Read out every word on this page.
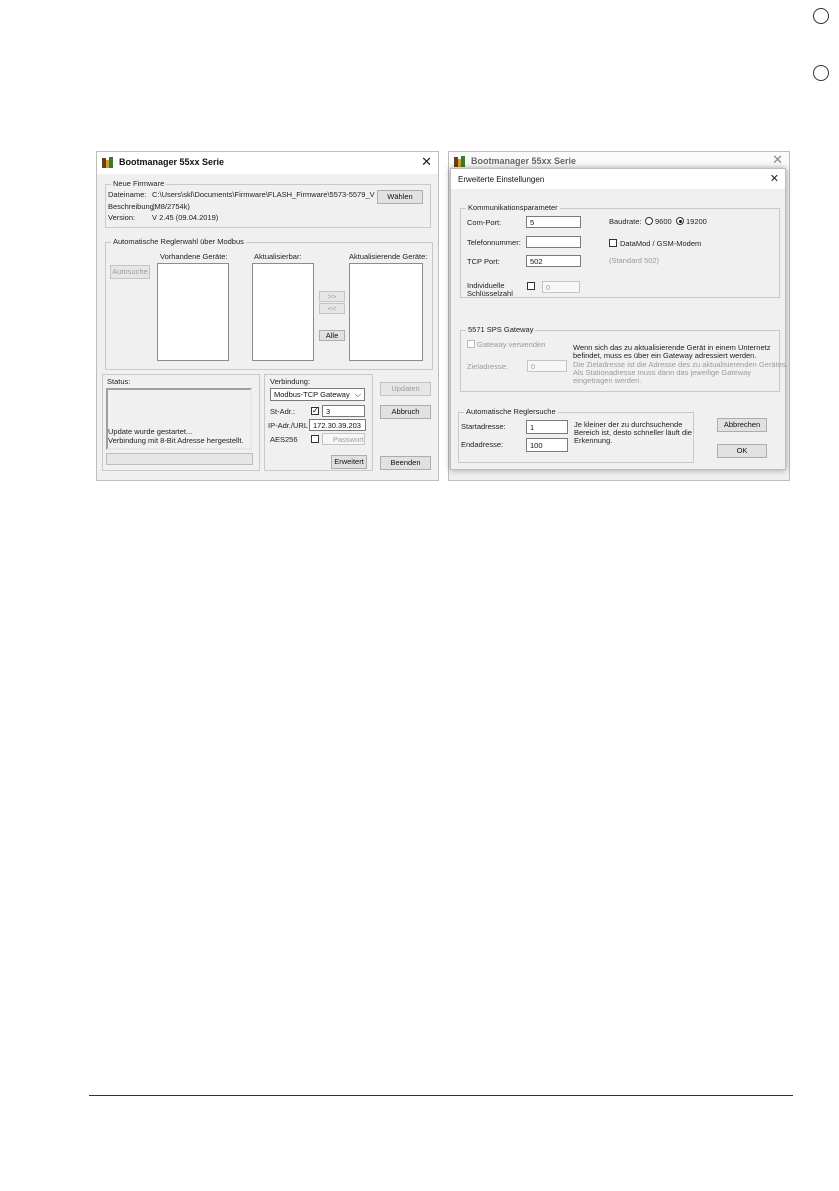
Bootmanager 55xx Serie	✕
Neue Firmware
Dateiname: C:\Users\skl\Documents\Firmware\FLASH_Firmware\5573-5579_V	Wählen
Beschreibung:
(M8/2754k)
Version: V 2.45 (09.04.2019)
Automatische Reglerwahl über Modbus
Autosuche
Vorhandene Geräte:	Aktualisierbar:
>>
<<
Alle
Aktualisierende Geräte:
Status:
Update wurde gestartet...
Verbindung mit 8-Bit Adresse hergestellt.
Verbindung:
Modbus-TCP Gateway ⌵
St-Adr.: ✓ 3
IP-Adr./URL 172.30.39.203
AES256	Passwort
Erweitert
Updaten
Abbruch
Beenden
Bootmanager 55xx Serie	✕
Erweiterte Einstellungen	✕
Kommunikationsparameter
Com-Port:	5
Telefonnummer:
TCP Port:	502
Individuelle
Schlüsselzahl
0
Baudrate: 9600 19200
DataMod / GSM-Modem
(Standard 502)
5571 SPS Gateway
Gateway verwenden
Zieladresse:	0
Wenn sich das zu aktualisierende Gerät in einem Unternetz
befindet, muss es über ein Gateway adressiert werden.
Die Zieladresse ist die Adresse des zu aktualisierenden Gerätes.
Als Stationadresse muss dann das jeweilige Gateway
eingetragen werden.
Automatische Reglersuche
Startadresse:	1
Endadresse:	100
Je kleiner der zu durchsuchende
Bereich ist, desto schneller läuft die
Erkennung.
Abbrechen
OK
